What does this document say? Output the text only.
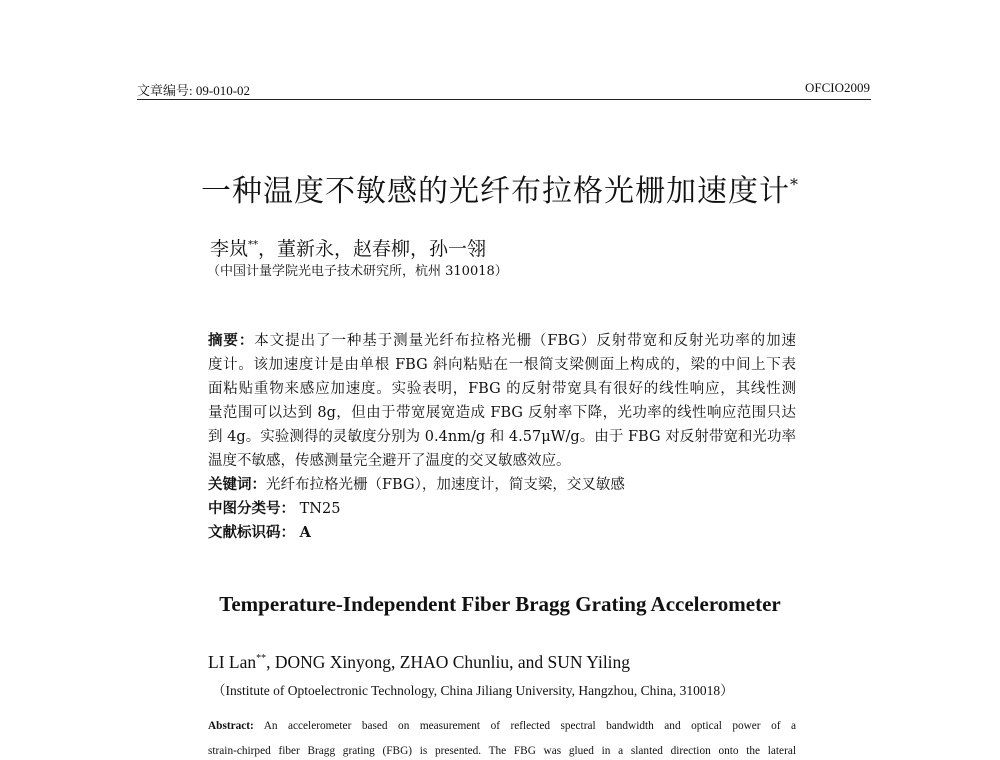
文章编号: 09-010-02	OFCIO2009
一种温度不敏感的光纤布拉格光栅加速度计*
李岚**，董新永，赵春柳，孙一翎
（中国计量学院光电子技术研究所，杭州 310018）
摘要：本文提出了一种基于测量光纤布拉格光栅（FBG）反射带宽和反射光功率的加速
度计。该加速度计是由单根 FBG 斜向粘贴在一根简支梁侧面上构成的，梁的中间上下表
面粘贴重物来感应加速度。实验表明，FBG 的反射带宽具有很好的线性响应，其线性测
量范围可以达到 8g，但由于带宽展宽造成 FBG 反射率下降，光功率的线性响应范围只达
到 4g。实验测得的灵敏度分别为 0.4nm/g 和 4.57μW/g。由于 FBG 对反射带宽和光功率
温度不敏感，传感测量完全避开了温度的交叉敏感效应。
关键词：光纤布拉格光栅（FBG），加速度计，简支梁，交叉敏感
中图分类号： TN25
文献标识码： A
Temperature-Independent Fiber Bragg Grating Accelerometer
LI Lan**, DONG Xinyong, ZHAO Chunliu, and SUN Yiling
（Institute of Optoelectronic Technology, China Jiliang University, Hangzhou, China, 310018）
Abstract: An accelerometer based on measurement of reflected spectral bandwidth and optical power of a
strain-chirped fiber Bragg grating (FBG) is presented. The FBG was glued in a slanted direction onto the lateral
